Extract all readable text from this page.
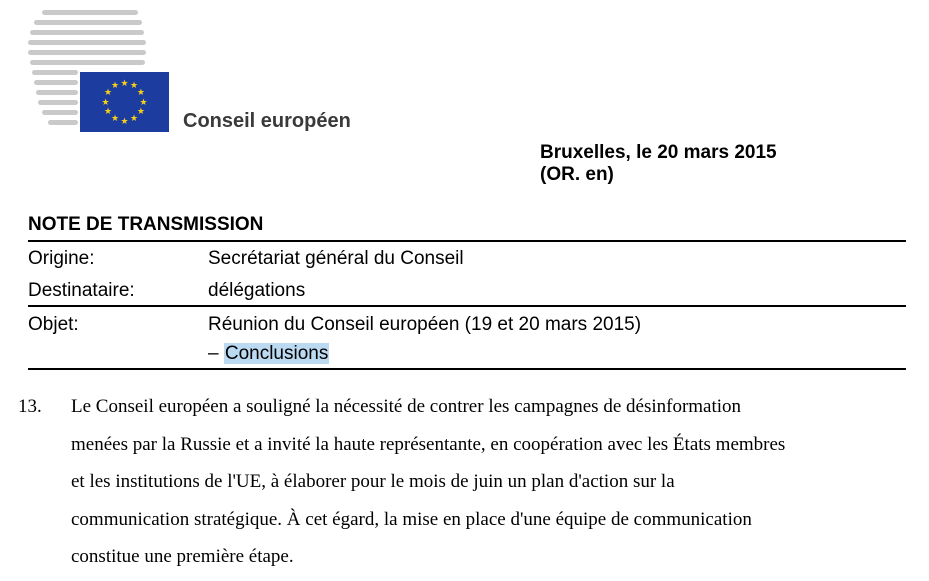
★ ★
★
★
★
★
★
★
★
★
★
★
Conseil européen
Bruxelles, le 20 mars 2015
(OR. en)
NOTE DE TRANSMISSION
Origine:	Secrétariat général du Conseil
Destinataire:	délégations
Objet:	Réunion du Conseil européen (19 et 20 mars 2015)
– Conclusions
13. Le Conseil européen a souligné la nécessité de contrer les campagnes de désinformation
menées par la Russie et a invité la haute représentante, en coopération avec les États membres
et les institutions de l'UE, à élaborer pour le mois de juin un plan d'action sur la
communication stratégique. À cet égard, la mise en place d'une équipe de communication
constitue une première étape.
